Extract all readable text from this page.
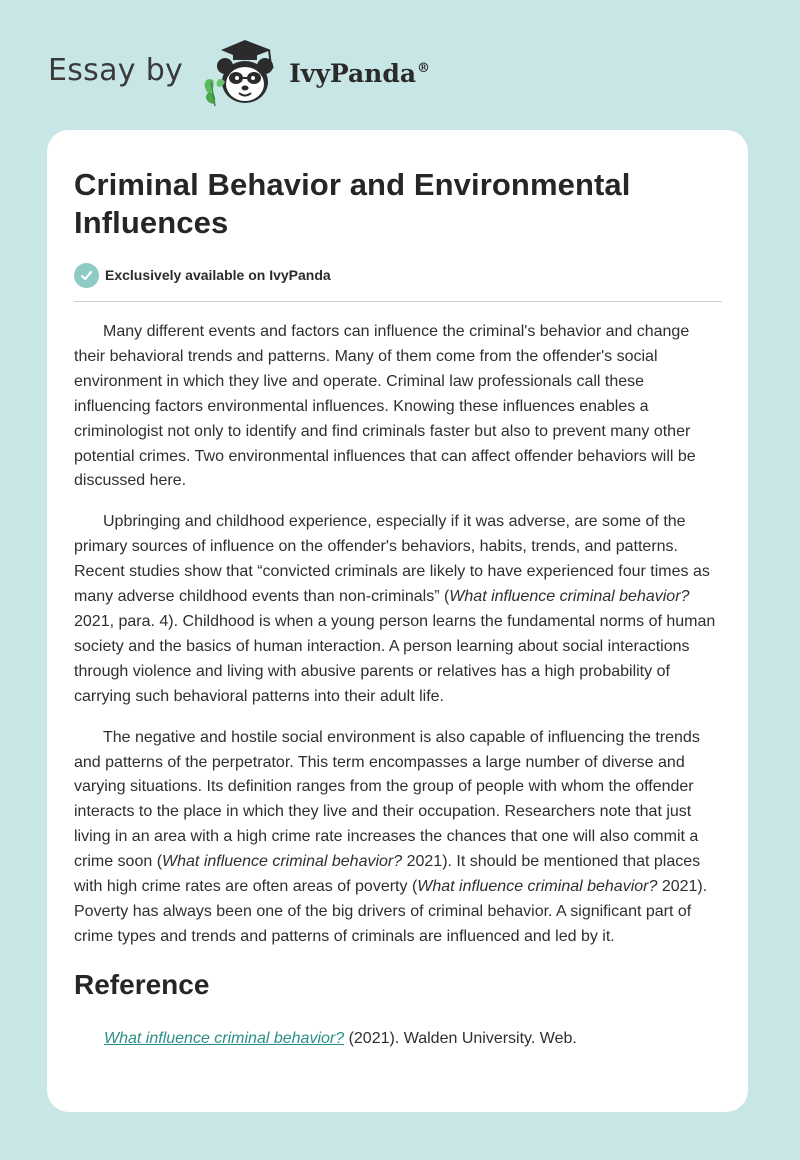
Essay by	IvyPanda®
Criminal Behavior and Environmental Influences
Exclusively available on IvyPanda

Many different events and factors can influence the criminal's behavior and change their behavioral trends and patterns. Many of them come from the offender's social environment in which they live and operate. Criminal law professionals call these influencing factors environmental influences. Knowing these influences enables a criminologist not only to identify and find criminals faster but also to prevent many other potential crimes. Two environmental influences that can affect offender behaviors will be discussed here.

Upbringing and childhood experience, especially if it was adverse, are some of the primary sources of influence on the offender's behaviors, habits, trends, and patterns. Recent studies show that “convicted criminals are likely to have experienced four times as many adverse childhood events than non-criminals” (What influence criminal behavior? 2021, para. 4). Childhood is when a young person learns the fundamental norms of human society and the basics of human interaction. A person learning about social interactions through violence and living with abusive parents or relatives has a high probability of carrying such behavioral patterns into their adult life.

The negative and hostile social environment is also capable of influencing the trends and patterns of the perpetrator. This term encompasses a large number of diverse and varying situations. Its definition ranges from the group of people with whom the offender interacts to the place in which they live and their occupation. Researchers note that just living in an area with a high crime rate increases the chances that one will also commit a crime soon (What influence criminal behavior? 2021). It should be mentioned that places with high crime rates are often areas of poverty (What influence criminal behavior? 2021). Poverty has always been one of the big drivers of criminal behavior. A significant part of crime types and trends and patterns of criminals are influenced and led by it.

Reference

What influence criminal behavior? (2021). Walden University. Web.
